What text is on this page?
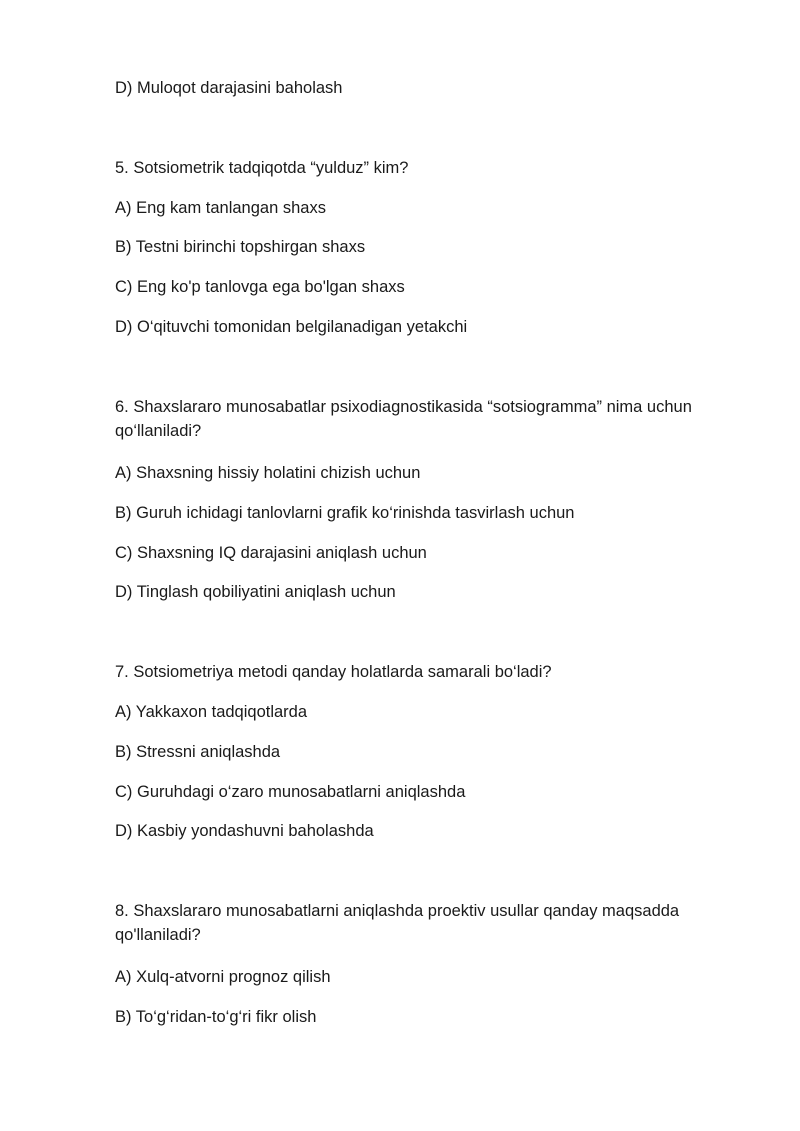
D) Muloqot darajasini baholash

5. Sotsiometrik tadqiqotda “yulduz” kim?

A) Eng kam tanlangan shaxs

B) Testni birinchi topshirgan shaxs

C) Eng ko'p tanlovga ega bo'lgan shaxs

D) O‘qituvchi tomonidan belgilanadigan yetakchi

6. Shaxslararo munosabatlar psixodiagnostikasida “sotsiogramma” nima uchun qo‘llaniladi?

A) Shaxsning hissiy holatini chizish uchun

B) Guruh ichidagi tanlovlarni grafik ko‘rinishda tasvirlash uchun

C) Shaxsning IQ darajasini aniqlash uchun

D) Tinglash qobiliyatini aniqlash uchun

7. Sotsiometriya metodi qanday holatlarda samarali bo‘ladi?

A) Yakkaxon tadqiqotlarda

B) Stressni aniqlashda

C) Guruhdagi o‘zaro munosabatlarni aniqlashda

D) Kasbiy yondashuvni baholashda

8. Shaxslararo munosabatlarni aniqlashda proektiv usullar qanday maqsadda qo'llaniladi?

A) Xulq-atvorni prognoz qilish

B) To‘g‘ridan-to‘g‘ri fikr olish
